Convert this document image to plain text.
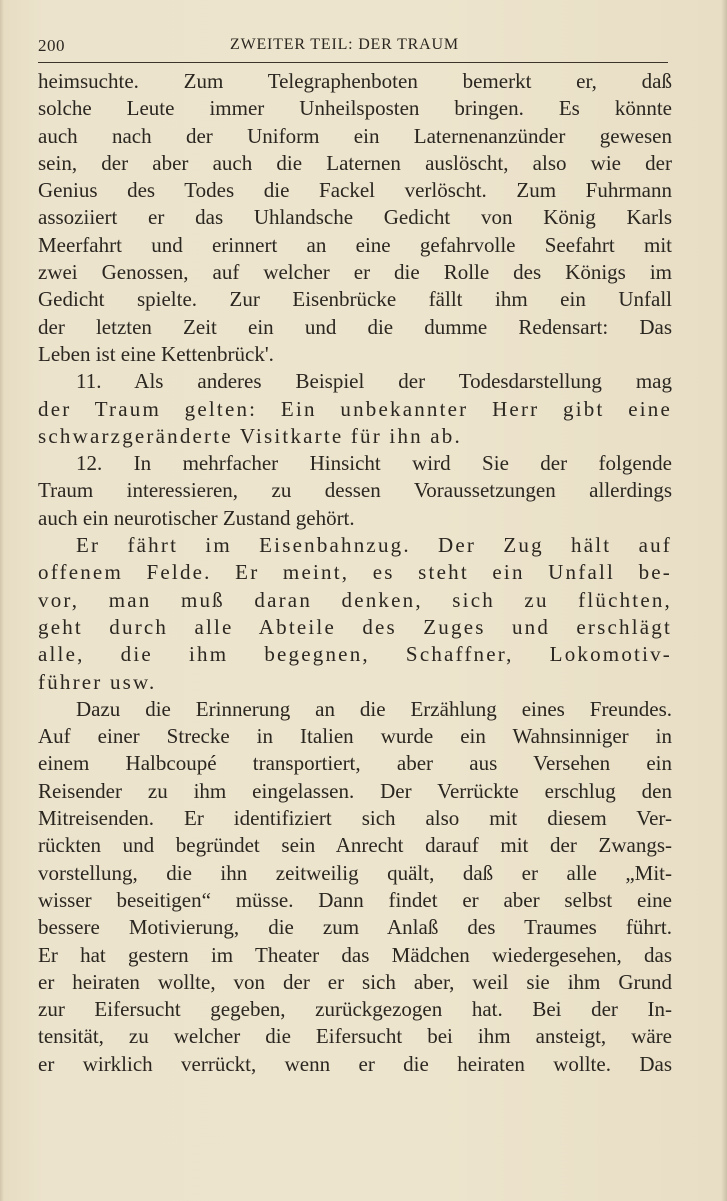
200	ZWEITER TEIL: DER TRAUM
heimsuchte. Zum Telegraphenboten bemerkt er, daß
solche Leute immer Unheilsposten bringen. Es könnte
auch nach der Uniform ein Laternenanzünder gewesen
sein, der aber auch die Laternen auslöscht, also wie der
Genius des Todes die Fackel verlöscht. Zum Fuhrmann
assoziiert er das Uhlandsche Gedicht von König Karls
Meerfahrt und erinnert an eine gefahrvolle Seefahrt mit
zwei Genossen, auf welcher er die Rolle des Königs im
Gedicht spielte. Zur Eisenbrücke fällt ihm ein Unfall
der letzten Zeit ein und die dumme Redensart: Das
Leben ist eine Kettenbrück'.
11. Als anderes Beispiel der Todesdarstellung mag
der Traum gelten: Ein unbekannter Herr gibt eine
schwarzgeränderte Visitkarte für ihn ab.
12. In mehrfacher Hinsicht wird Sie der folgende
Traum interessieren, zu dessen Voraussetzungen allerdings
auch ein neurotischer Zustand gehört.
Er fährt im Eisenbahnzug. Der Zug hält auf
offenem Felde. Er meint, es steht ein Unfall be-
vor, man muß daran denken, sich zu flüchten,
geht durch alle Abteile des Zuges und erschlägt
alle, die ihm begegnen, Schaffner, Lokomotiv-
führer usw.
Dazu die Erinnerung an die Erzählung eines Freundes.
Auf einer Strecke in Italien wurde ein Wahnsinniger in
einem Halbcoupé transportiert, aber aus Versehen ein
Reisender zu ihm eingelassen. Der Verrückte erschlug den
Mitreisenden. Er identifiziert sich also mit diesem Ver-
rückten und begründet sein Anrecht darauf mit der Zwangs-
vorstellung, die ihn zeitweilig quält, daß er alle „Mit-
wisser beseitigen“ müsse. Dann findet er aber selbst eine
bessere Motivierung, die zum Anlaß des Traumes führt.
Er hat gestern im Theater das Mädchen wiedergesehen, das
er heiraten wollte, von der er sich aber, weil sie ihm Grund
zur Eifersucht gegeben, zurückgezogen hat. Bei der In-
tensität, zu welcher die Eifersucht bei ihm ansteigt, wäre
er wirklich verrückt, wenn er die heiraten wollte. Das
